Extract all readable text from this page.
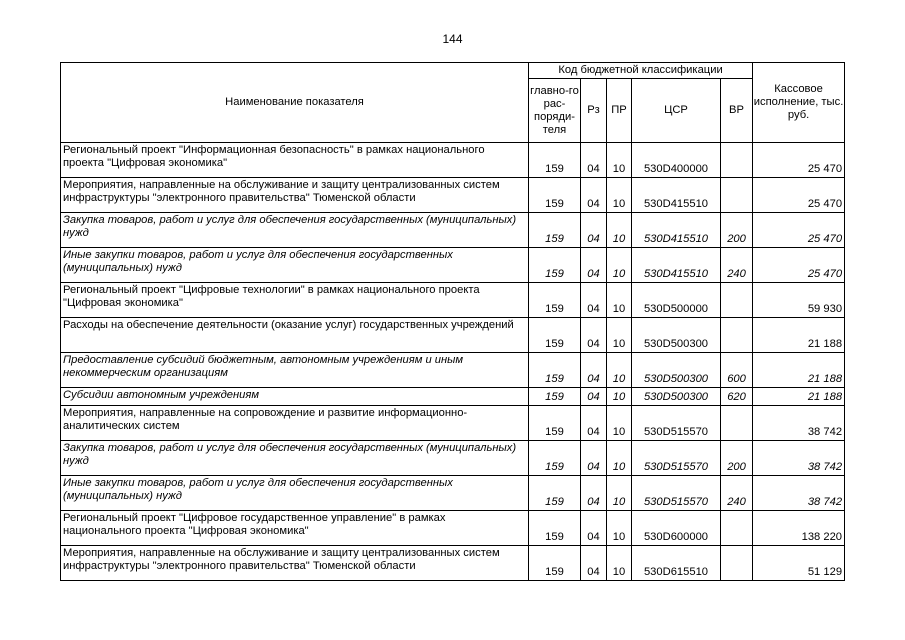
144
Наименование показателя	Код бюджетной классификации					Кассовое исполнение, тыс. руб.
	главно-го рас-поряди-теля	Рз	ПР	ЦСР	ВР	
Региональный проект "Информационная безопасность" в рамках национального проекта "Цифровая экономика"	159	04	10	530D400000		25 470
Мероприятия, направленные на обслуживание и защиту централизованных систем инфраструктуры "электронного правительства" Тюменской области	159	04	10	530D415510		25 470
Закупка товаров, работ и услуг для обеспечения государственных (муниципальных) нужд	159	04	10	530D415510	200	25 470
Иные закупки товаров, работ и услуг для обеспечения государственных (муниципальных) нужд	159	04	10	530D415510	240	25 470
Региональный проект "Цифровые технологии" в рамках национального проекта "Цифровая экономика"	159	04	10	530D500000		59 930
Расходы на обеспечение деятельности (оказание услуг) государственных учреждений	159	04	10	530D500300		21 188
Предоставление субсидий бюджетным, автономным учреждениям и иным некоммерческим организациям	159	04	10	530D500300	600	21 188
Субсидии автономным учреждениям	159	04	10	530D500300	620	21 188
Мероприятия, направленные на сопровождение и развитие информационно-аналитических систем	159	04	10	530D515570		38 742
Закупка товаров, работ и услуг для обеспечения государственных (муниципальных) нужд	159	04	10	530D515570	200	38 742
Иные закупки товаров, работ и услуг для обеспечения государственных (муниципальных) нужд	159	04	10	530D515570	240	38 742
Региональный проект "Цифровое государственное управление" в рамках национального проекта "Цифровая экономика"	159	04	10	530D600000		138 220
Мероприятия, направленные на обслуживание и защиту централизованных систем инфраструктуры "электронного правительства" Тюменской области	159	04	10	530D615510		51 129
